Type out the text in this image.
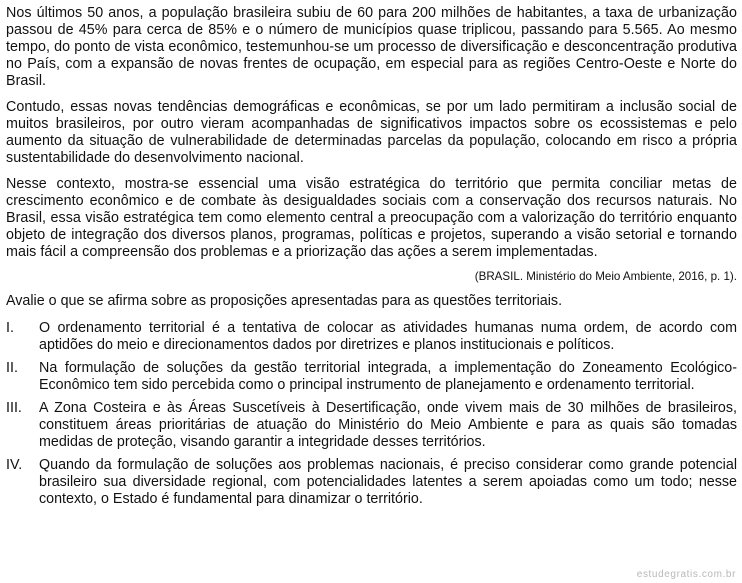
Nos últimos 50 anos, a população brasileira subiu de 60 para 200 milhões de habitantes, a taxa de urbanização passou de 45% para cerca de 85% e o número de municípios quase triplicou, passando para 5.565. Ao mesmo tempo, do ponto de vista econômico, testemunhou-se um processo de diversificação e desconcentração produtiva no País, com a expansão de novas frentes de ocupação, em especial para as regiões Centro-Oeste e Norte do Brasil.

Contudo, essas novas tendências demográficas e econômicas, se por um lado permitiram a inclusão social de muitos brasileiros, por outro vieram acompanhadas de significativos impactos sobre os ecossistemas e pelo aumento da situação de vulnerabilidade de determinadas parcelas da população, colocando em risco a própria sustentabilidade do desenvolvimento nacional.

Nesse contexto, mostra-se essencial uma visão estratégica do território que permita conciliar metas de crescimento econômico e de combate às desigualdades sociais com a conservação dos recursos naturais. No Brasil, essa visão estratégica tem como elemento central a preocupação com a valorização do território enquanto objeto de integração dos diversos planos, programas, políticas e projetos, superando a visão setorial e tornando mais fácil a compreensão dos problemas e a priorização das ações a serem implementadas.

(BRASIL. Ministério do Meio Ambiente, 2016, p. 1).

Avalie o que se afirma sobre as proposições apresentadas para as questões territoriais.

I.	O ordenamento territorial é a tentativa de colocar as atividades humanas numa ordem, de acordo com aptidões do meio e direcionamentos dados por diretrizes e planos institucionais e políticos.
II.	Na formulação de soluções da gestão territorial integrada, a implementação do Zoneamento Ecológico-Econômico tem sido percebida como o principal instrumento de planejamento e ordenamento territorial.
III.	A Zona Costeira e às Áreas Suscetíveis à Desertificação, onde vivem mais de 30 milhões de brasileiros, constituem áreas prioritárias de atuação do Ministério do Meio Ambiente e para as quais são tomadas medidas de proteção, visando garantir a integridade desses territórios.
IV.	Quando da formulação de soluções aos problemas nacionais, é preciso considerar como grande potencial brasileiro sua diversidade regional, com potencialidades latentes a serem apoiadas como um todo; nesse contexto, o Estado é fundamental para dinamizar o território.
estudegratis.com.br
